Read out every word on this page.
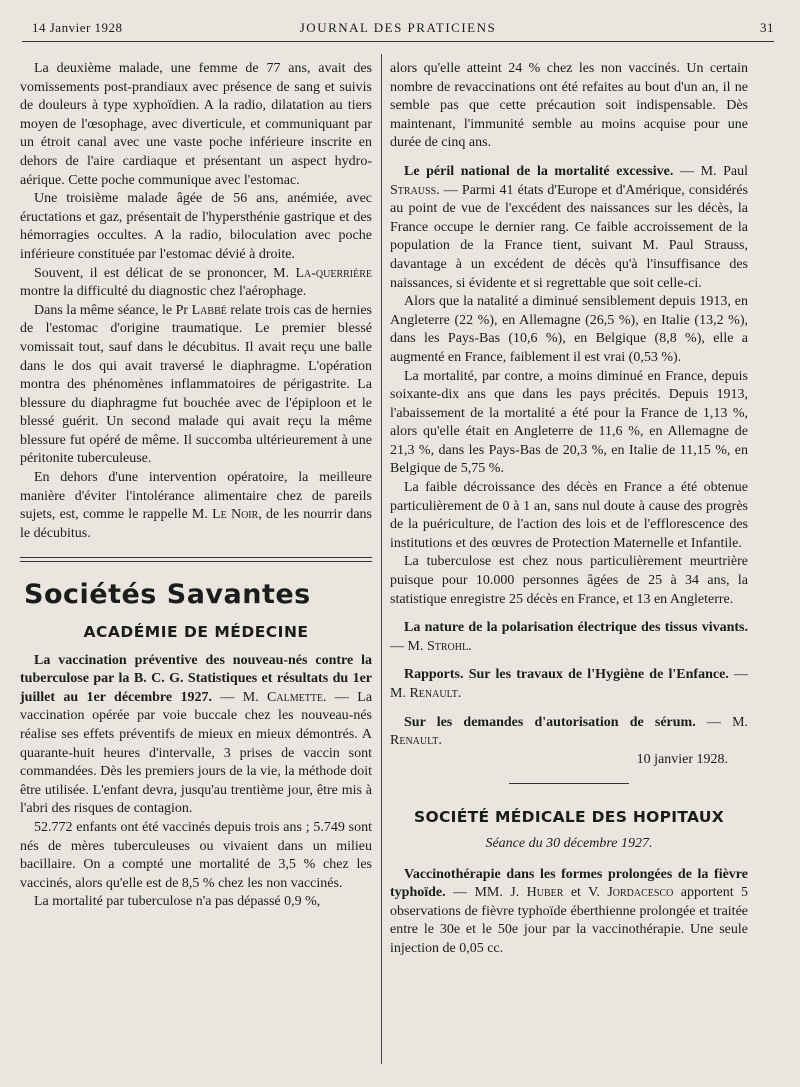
14 Janvier 1928	JOURNAL DES PRATICIENS	31

La deuxième malade, une femme de 77 ans, avait des vomissements post-prandiaux avec présence de sang et suivis de douleurs à type xyphoïdien. A la radio, dilatation au tiers moyen de l'œsophage, avec diverticule, et communiquant par un étroit canal avec une vaste poche inférieure inscrite en dehors de l'aire cardiaque et présentant un aspect hydro-aérique. Cette poche communique avec l'estomac.

Une troisième malade âgée de 56 ans, anémiée, avec éructations et gaz, présentait de l'hypersthénie gastrique et des hémorragies occultes. A la radio, biloculation avec poche inférieure constituée par l'estomac dévié à droite.

Souvent, il est délicat de se prononcer, M. La-querrière montre la difficulté du diagnostic chez l'aérophage.

Dans la même séance, le Pr Labbé relate trois cas de hernies de l'estomac d'origine traumatique. Le premier blessé vomissait tout, sauf dans le décubitus. Il avait reçu une balle dans le dos qui avait traversé le diaphragme. L'opération montra des phénomènes inflammatoires de périgastrite. La blessure du diaphragme fut bouchée avec de l'épiploon et le blessé guérit. Un second malade qui avait reçu la même blessure fut opéré de même. Il succomba ultérieurement à une péritonite tuberculeuse.

En dehors d'une intervention opératoire, la meilleure manière d'éviter l'intolérance alimentaire chez de pareils sujets, est, comme le rappelle M. Le Noir, de les nourrir dans le décubitus.

Sociétés Savantes
ACADÉMIE DE MÉDECINE

La vaccination préventive des nouveau-nés contre la tuberculose par la B. C. G. Statistiques et résultats du 1er juillet au 1er décembre 1927. — M. Calmette. — La vaccination opérée par voie buccale chez les nouveau-nés réalise ses effets préventifs de mieux en mieux démontrés. A quarante-huit heures d'intervalle, 3 prises de vaccin sont commandées. Dès les premiers jours de la vie, la méthode doit être utilisée. L'enfant devra, jusqu'au trentième jour, être mis à l'abri des risques de contagion.

52.772 enfants ont été vaccinés depuis trois ans ; 5.749 sont nés de mères tuberculeuses ou vivaient dans un milieu bacillaire. On a compté une mortalité de 3,5 % chez les vaccinés, alors qu'elle est de 8,5 % chez les non vaccinés.

La mortalité par tuberculose n'a pas dépassé 0,9 %,

alors qu'elle atteint 24 % chez les non vaccinés. Un certain nombre de revaccinations ont été refaites au bout d'un an, il ne semble pas que cette précaution soit indispensable. Dès maintenant, l'immunité semble au moins acquise pour une durée de cinq ans.

Le péril national de la mortalité excessive. — M. Paul Strauss. — Parmi 41 états d'Europe et d'Amérique, considérés au point de vue de l'excédent des naissances sur les décès, la France occupe le dernier rang. Ce faible accroissement de la population de la France tient, suivant M. Paul Strauss, davantage à un excédent de décès qu'à l'insuffisance des naissances, si évidente et si regrettable que soit celle-ci.

Alors que la natalité a diminué sensiblement depuis 1913, en Angleterre (22 %), en Allemagne (26,5 %), en Italie (13,2 %), dans les Pays-Bas (10,6 %), en Belgique (8,8 %), elle a augmenté en France, faiblement il est vrai (0,53 %).

La mortalité, par contre, a moins diminué en France, depuis soixante-dix ans que dans les pays précités. Depuis 1913, l'abaissement de la mortalité a été pour la France de 1,13 %, alors qu'elle était en Angleterre de 11,6 %, en Allemagne de 21,3 %, dans les Pays-Bas de 20,3 %, en Italie de 11,15 %, en Belgique de 5,75 %.

La faible décroissance des décès en France a été obtenue particulièrement de 0 à 1 an, sans nul doute à cause des progrès de la puériculture, de l'action des lois et de l'efflorescence des institutions et des œuvres de Protection Maternelle et Infantile.

La tuberculose est chez nous particulièrement meurtrière puisque pour 10.000 personnes âgées de 25 à 34 ans, la statistique enregistre 25 décès en France, et 13 en Angleterre.

La nature de la polarisation électrique des tissus vivants. — M. Strohl.

Rapports. Sur les travaux de l'Hygiène de l'Enfance. — M. Renault.

Sur les demandes d'autorisation de sérum. — M. Renault.

10 janvier 1928.

SOCIÉTÉ MÉDICALE DES HOPITAUX

Séance du 30 décembre 1927.

Vaccinothérapie dans les formes prolongées de la fièvre typhoïde. — MM. J. Huber et V. Jordacesco apportent 5 observations de fièvre typhoïde éberthienne prolongée et traitée entre le 30e et le 50e jour par la vaccinothérapie. Une seule injection de 0,05 cc.
